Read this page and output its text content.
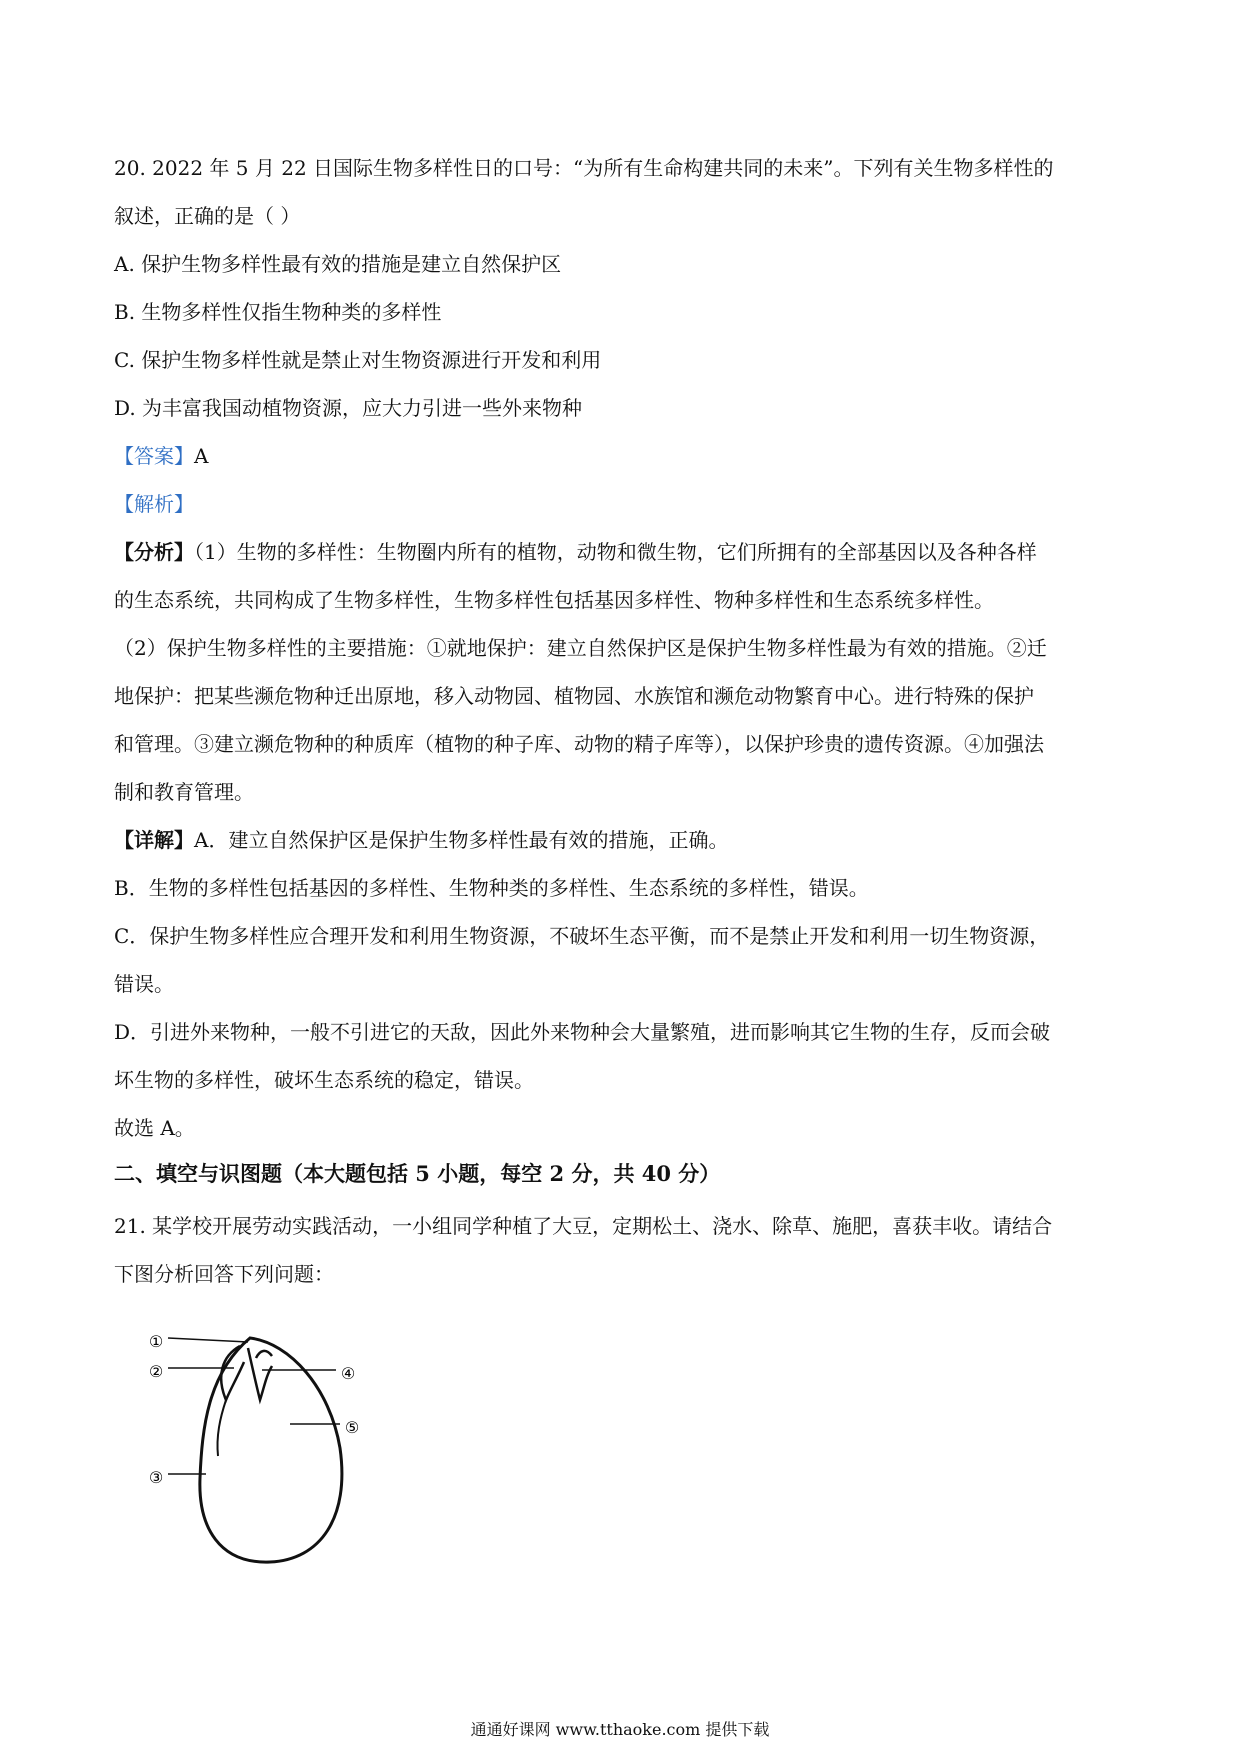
20. 2022 年 5 月 22 日国际生物多样性日的口号：“为所有生命构建共同的未来”。下列有关生物多样性的
叙述，正确的是（ ）
A. 保护生物多样性最有效的措施是建立自然保护区
B. 生物多样性仅指生物种类的多样性
C. 保护生物多样性就是禁止对生物资源进行开发和利用
D. 为丰富我国动植物资源，应大力引进一些外来物种
【答案】A
【解析】
【分析】（1）生物的多样性：生物圈内所有的植物，动物和微生物，它们所拥有的全部基因以及各种各样
的生态系统，共同构成了生物多样性，生物多样性包括基因多样性、物种多样性和生态系统多样性。
（2）保护生物多样性的主要措施：①就地保护：建立自然保护区是保护生物多样性最为有效的措施。②迁
地保护：把某些濒危物种迁出原地，移入动物园、植物园、水族馆和濒危动物繁育中心。进行特殊的保护
和管理。③建立濒危物种的种质库（植物的种子库、动物的精子库等），以保护珍贵的遗传资源。④加强法
制和教育管理。
【详解】A．建立自然保护区是保护生物多样性最有效的措施，正确。
B．生物的多样性包括基因的多样性、生物种类的多样性、生态系统的多样性，错误。
C．保护生物多样性应合理开发和利用生物资源，不破坏生态平衡，而不是禁止开发和利用一切生物资源，
错误。
D．引进外来物种，一般不引进它的天敌，因此外来物种会大量繁殖，进而影响其它生物的生存，反而会破
坏生物的多样性，破坏生态系统的稳定，错误。
故选 A。
二、填空与识图题（本大题包括 5 小题，每空 2 分，共 40 分）
21. 某学校开展劳动实践活动，一小组同学种植了大豆，定期松土、浇水、除草、施肥，喜获丰收。请结合
下图分析回答下列问题：
①
②
③
④
⑤
通通好课网 www.tthaoke.com 提供下载
